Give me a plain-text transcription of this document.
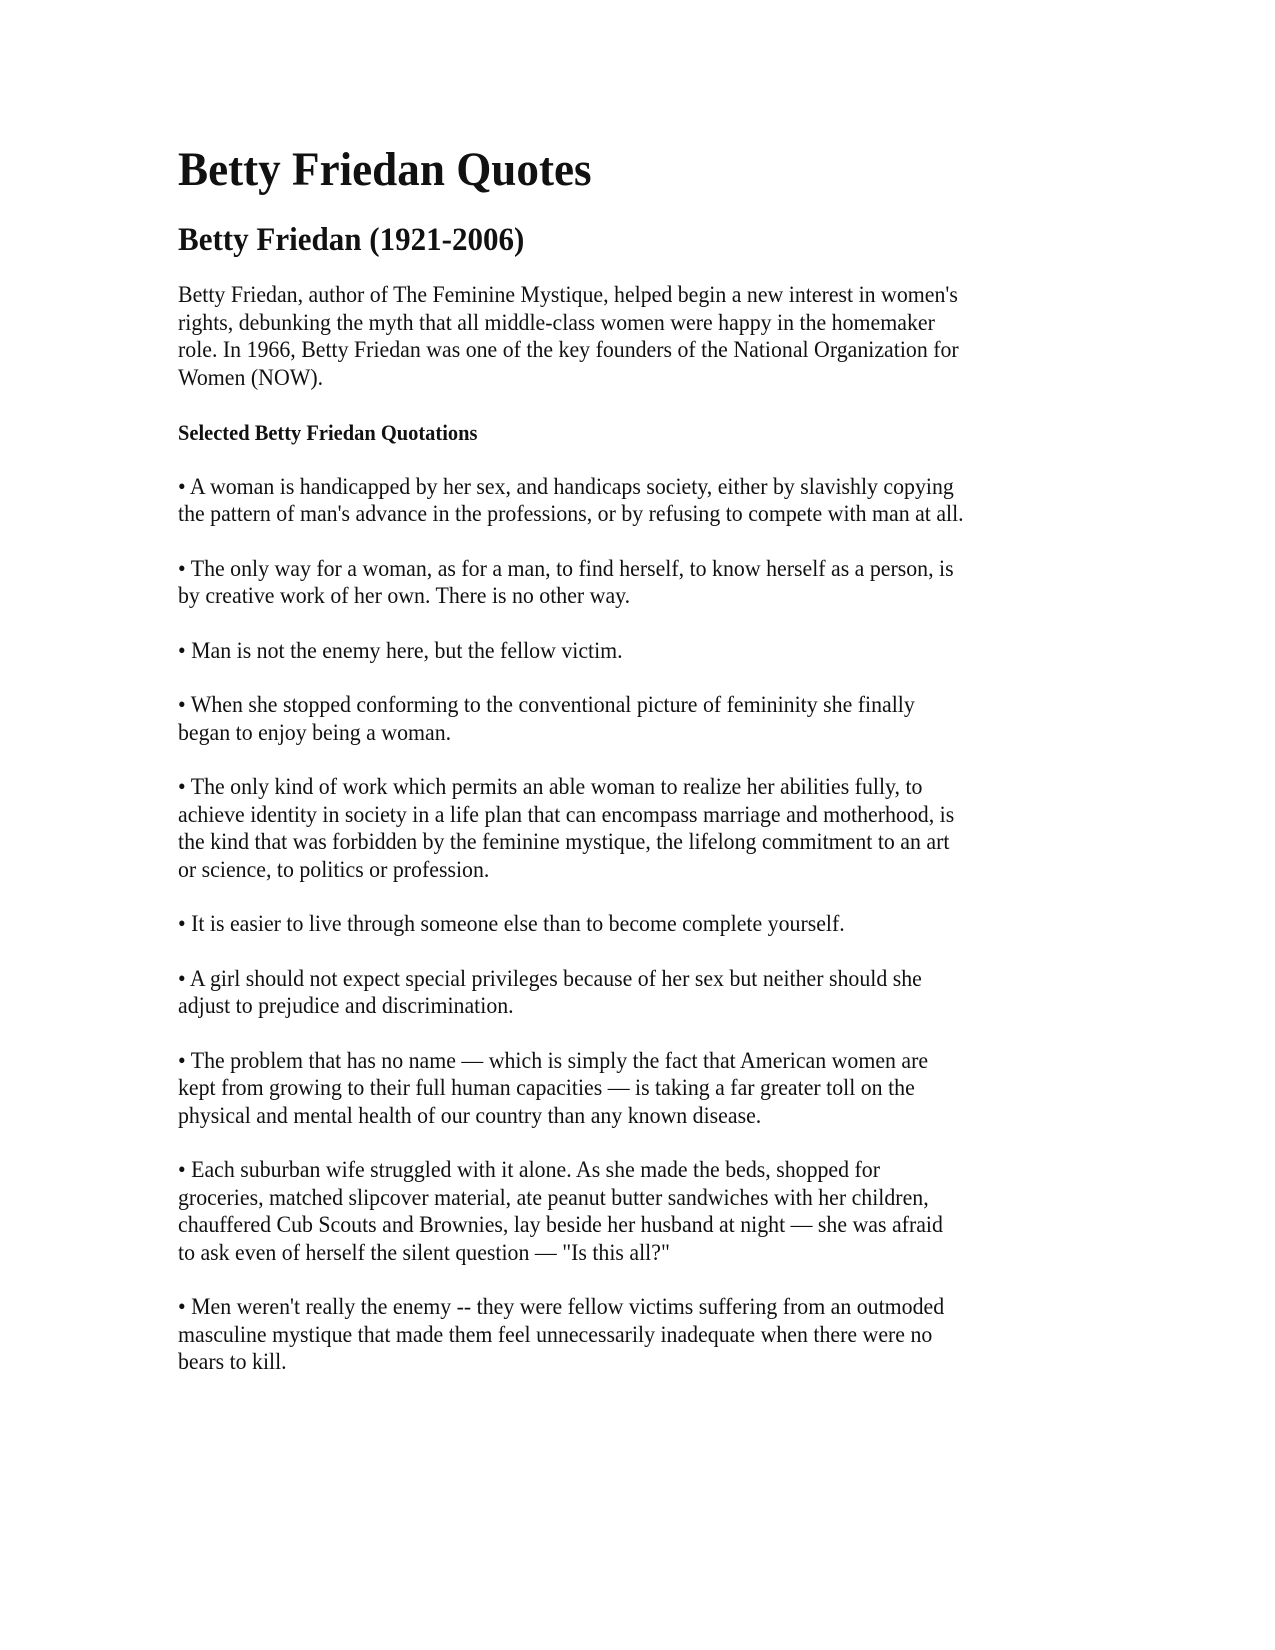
Betty Friedan Quotes
Betty Friedan (1921-2006)
Betty Friedan, author of The Feminine Mystique, helped begin a new interest in women's
rights, debunking the myth that all middle-class women were happy in the homemaker
role. In 1966, Betty Friedan was one of the key founders of the National Organization for
Women (NOW).
Selected Betty Friedan Quotations
• A woman is handicapped by her sex, and handicaps society, either by slavishly copying
the pattern of man's advance in the professions, or by refusing to compete with man at all.
• The only way for a woman, as for a man, to find herself, to know herself as a person, is
by creative work of her own. There is no other way.
• Man is not the enemy here, but the fellow victim.
• When she stopped conforming to the conventional picture of femininity she finally
began to enjoy being a woman.
• The only kind of work which permits an able woman to realize her abilities fully, to
achieve identity in society in a life plan that can encompass marriage and motherhood, is
the kind that was forbidden by the feminine mystique, the lifelong commitment to an art
or science, to politics or profession.
• It is easier to live through someone else than to become complete yourself.
• A girl should not expect special privileges because of her sex but neither should she
adjust to prejudice and discrimination.
• The problem that has no name — which is simply the fact that American women are
kept from growing to their full human capacities — is taking a far greater toll on the
physical and mental health of our country than any known disease.
• Each suburban wife struggled with it alone. As she made the beds, shopped for
groceries, matched slipcover material, ate peanut butter sandwiches with her children,
chauffered Cub Scouts and Brownies, lay beside her husband at night — she was afraid
to ask even of herself the silent question — "Is this all?"
• Men weren't really the enemy -- they were fellow victims suffering from an outmoded
masculine mystique that made them feel unnecessarily inadequate when there were no
bears to kill.
